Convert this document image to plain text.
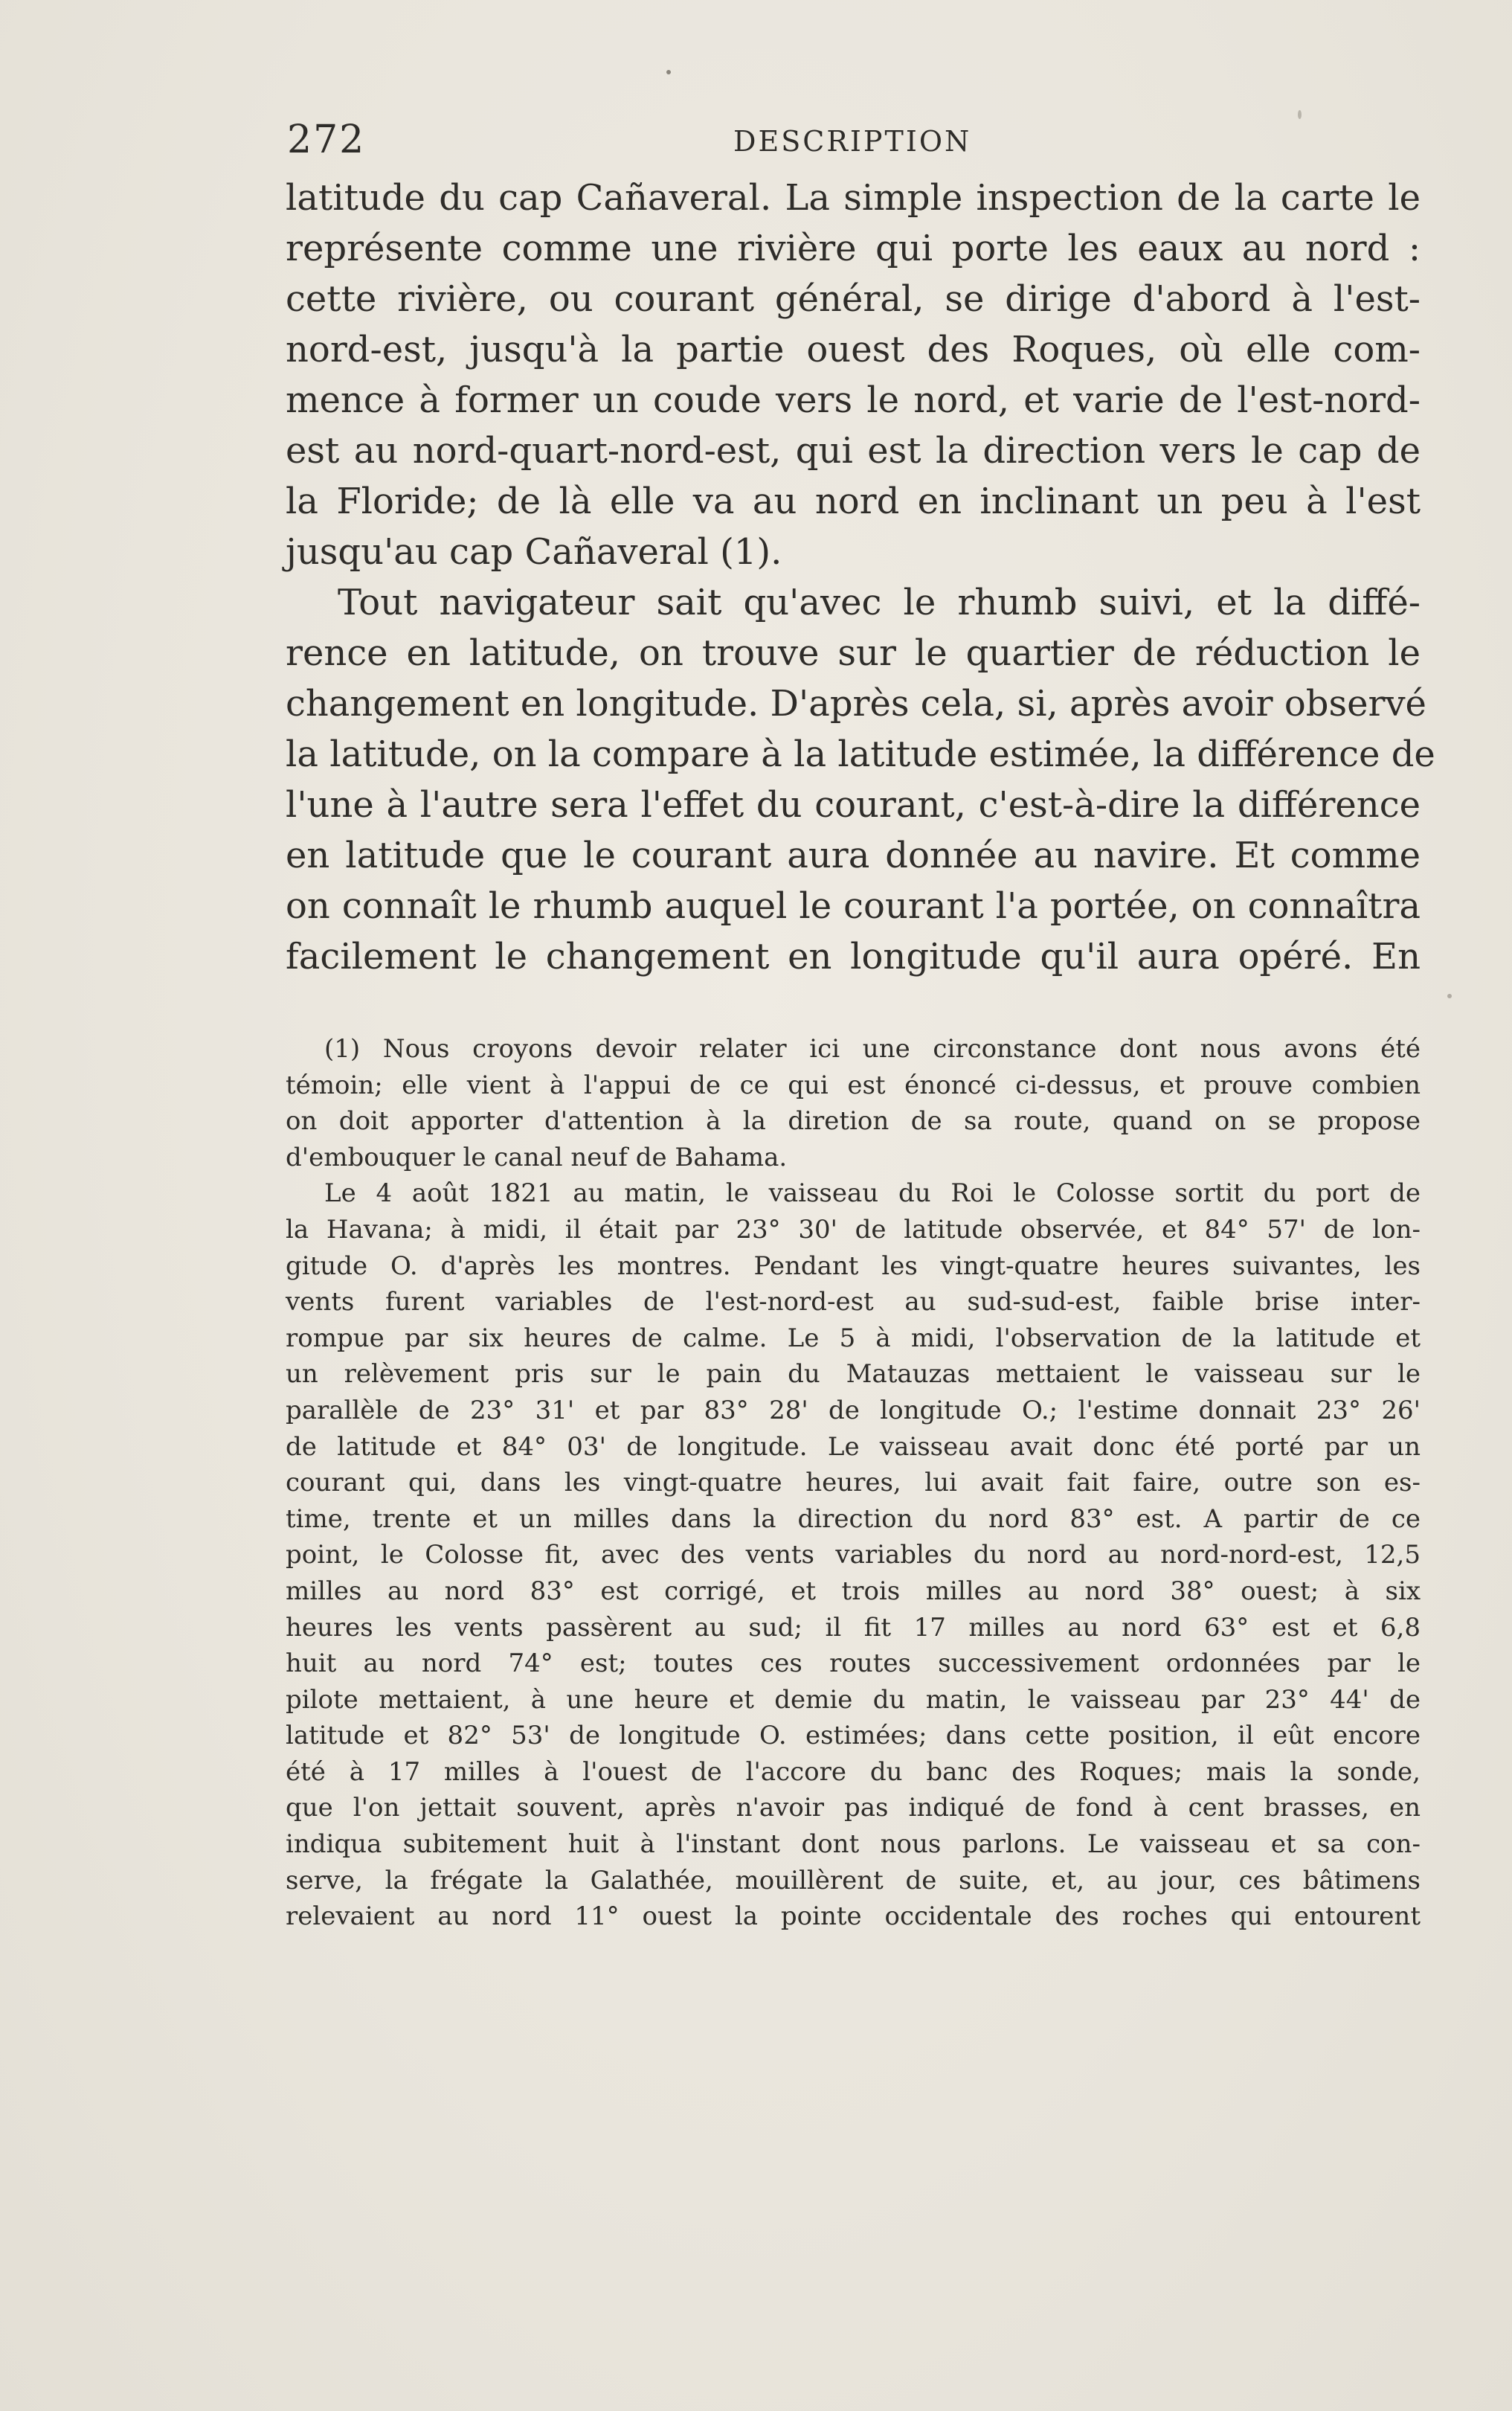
272	DESCRIPTION
latitude du cap Cañaveral. La simple inspection de la carte le
représente comme une rivière qui porte les eaux au nord :
cette rivière, ou courant général, se dirige d'abord à l'est-
nord-est, jusqu'à la partie ouest des Roques, où elle com-
mence à former un coude vers le nord, et varie de l'est-nord-
est au nord-quart-nord-est, qui est la direction vers le cap de
la Floride; de là elle va au nord en inclinant un peu à l'est
jusqu'au cap Cañaveral (1).
Tout navigateur sait qu'avec le rhumb suivi, et la diffé-
rence en latitude, on trouve sur le quartier de réduction le
changement en longitude. D'après cela, si, après avoir observé
la latitude, on la compare à la latitude estimée, la différence de
l'une à l'autre sera l'effet du courant, c'est-à-dire la différence
en latitude que le courant aura donnée au navire. Et comme
on connaît le rhumb auquel le courant l'a portée, on connaîtra
facilement le changement en longitude qu'il aura opéré. En
(1) Nous croyons devoir relater ici une circonstance dont nous avons été
témoin; elle vient à l'appui de ce qui est énoncé ci-dessus, et prouve combien
on doit apporter d'attention à la diretion de sa route, quand on se propose
d'embouquer le canal neuf de Bahama.
Le 4 août 1821 au matin, le vaisseau du Roi le Colosse sortit du port de
la Havana; à midi, il était par 23° 30' de latitude observée, et 84° 57' de lon-
gitude O. d'après les montres. Pendant les vingt-quatre heures suivantes, les
vents furent variables de l'est-nord-est au sud-sud-est, faible brise inter-
rompue par six heures de calme. Le 5 à midi, l'observation de la latitude et
un relèvement pris sur le pain du Matauzas mettaient le vaisseau sur le
parallèle de 23° 31' et par 83° 28' de longitude O.; l'estime donnait 23° 26'
de latitude et 84° 03' de longitude. Le vaisseau avait donc été porté par un
courant qui, dans les vingt-quatre heures, lui avait fait faire, outre son es-
time, trente et un milles dans la direction du nord 83° est. A partir de ce
point, le Colosse fit, avec des vents variables du nord au nord-nord-est, 12,5
milles au nord 83° est corrigé, et trois milles au nord 38° ouest; à six
heures les vents passèrent au sud; il fit 17 milles au nord 63° est et 6,8
huit au nord 74° est; toutes ces routes successivement ordonnées par le
pilote mettaient, à une heure et demie du matin, le vaisseau par 23° 44' de
latitude et 82° 53' de longitude O. estimées; dans cette position, il eût encore
été à 17 milles à l'ouest de l'accore du banc des Roques; mais la sonde,
que l'on jettait souvent, après n'avoir pas indiqué de fond à cent brasses, en
indiqua subitement huit à l'instant dont nous parlons. Le vaisseau et sa con-
serve, la frégate la Galathée, mouillèrent de suite, et, au jour, ces bâtimens
relevaient au nord 11° ouest la pointe occidentale des roches qui entourent
